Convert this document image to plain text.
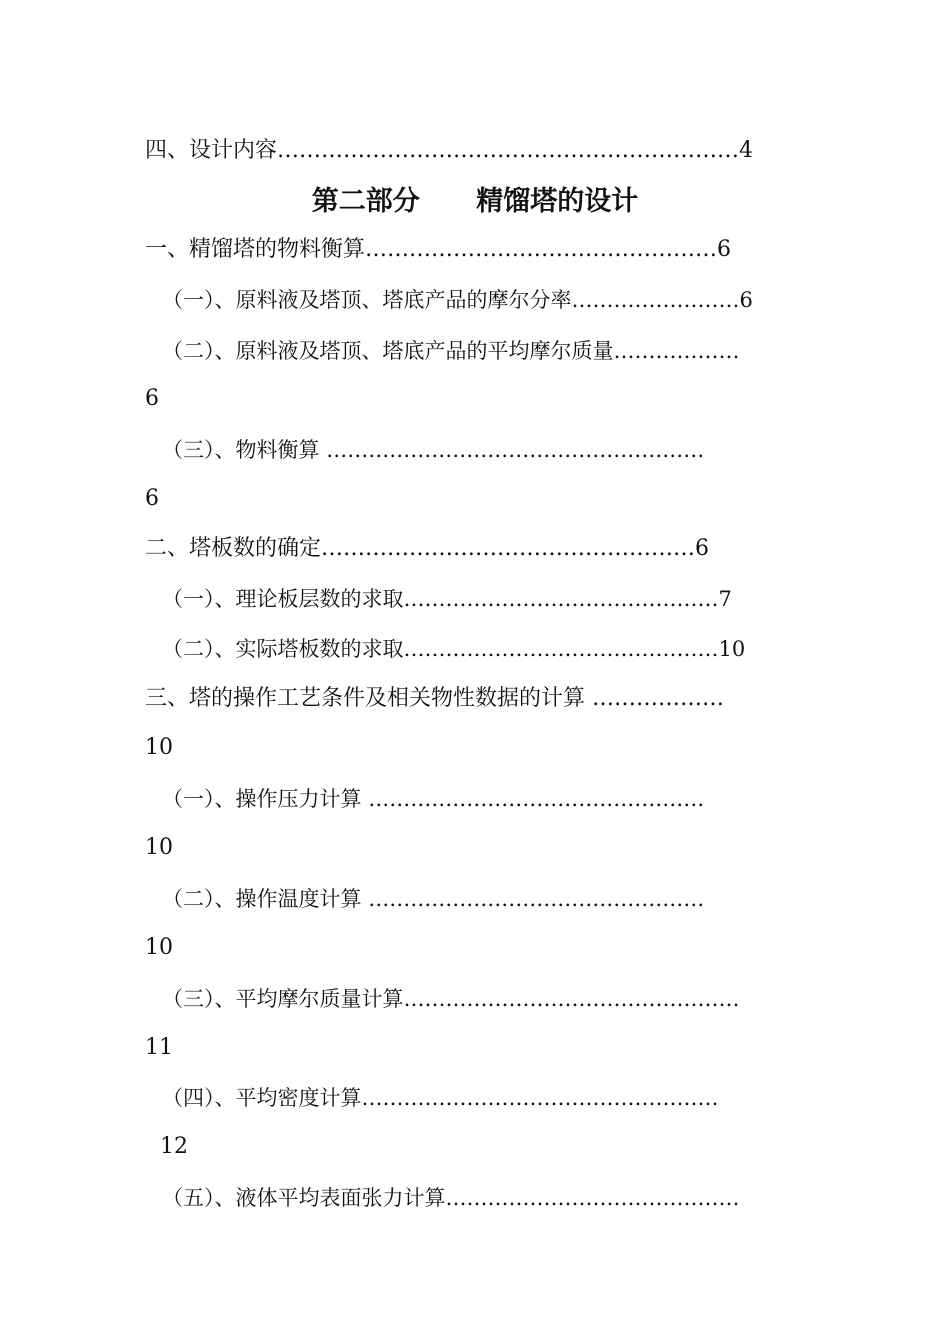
四、设计内容………………………………………………………4
第二部分      精馏塔的设计
一、精馏塔的物料衡算…………………………………………6
（一）、原料液及塔顶、塔底产品的摩尔分率……………………6
（二）、原料液及塔顶、塔底产品的平均摩尔质量………………
6
（三）、物料衡算 ………………………………………………
6
二、塔板数的确定……………………………………………6
（一）、理论板层数的求取………………………………………7
（二）、实际塔板数的求取………………………………………10
三、塔的操作工艺条件及相关物性数据的计算 ………………
10
（一）、操作压力计算 …………………………………………
10
（二）、操作温度计算 …………………………………………
10
（三）、平均摩尔质量计算…………………………………………
11
（四）、平均密度计算……………………………………………
12
（五）、液体平均表面张力计算……………………………………
